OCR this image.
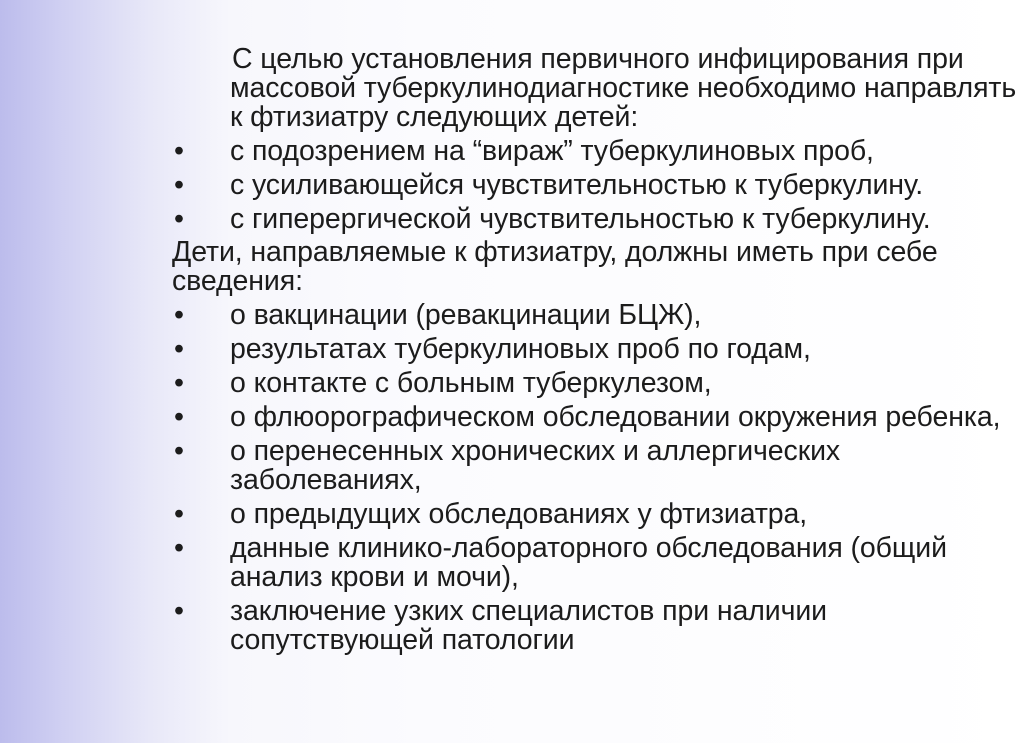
С целью установления первичного инфицирования при массовой туберкулинодиагностике необходимо направлять к фтизиатру следующих детей:
• с подозрением на “вираж” туберкулиновых проб,
• с усиливающейся чувствительностью к туберкулину.
• с гиперергической чувствительностью к туберкулину.
Дети, направляемые к фтизиатру, должны иметь при себе сведения:
• о вакцинации (ревакцинации БЦЖ),
• результатах туберкулиновых проб по годам,
• о контакте с больным туберкулезом,
• о флюорографическом обследовании окружения ребенка,
• о перенесенных хронических и аллергических заболеваниях,
• о предыдущих обследованиях у фтизиатра,
• данные клинико-лабораторного обследования (общий анализ крови и мочи),
• заключение узких специалистов при наличии сопутствующей патологии
